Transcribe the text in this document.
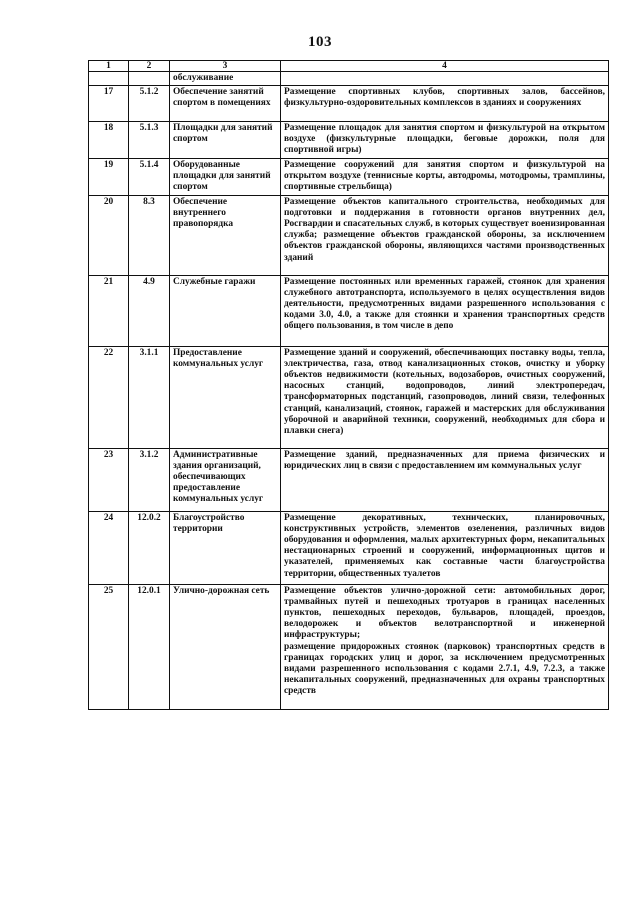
103
1	2	3	4
		обслуживание	
17	5.1.2	Обеспечение занятий спортом в помещениях	Размещение спортивных клубов, спортивных залов, бассейнов, физкультурно-оздоровительных комплексов в зданиях и сооружениях
18	5.1.3	Площадки для занятий спортом	Размещение площадок для занятия спортом и физкультурой на открытом воздухе (физкультурные площадки, беговые дорожки, поля для спортивной игры)
19	5.1.4	Оборудованные площадки для занятий спортом	Размещение сооружений для занятия спортом и физкультурой на открытом воздухе (теннисные корты, автодромы, мотодромы, трамплины, спортивные стрельбища)
20	8.3	Обеспечение внутреннего правопорядка	Размещение объектов капитального строительства, необходимых для подготовки и поддержания в готовности органов внутренних дел, Росгвардии и спасательных служб, в которых существует военизированная служба; размещение объектов гражданской обороны, за исключением объектов гражданской обороны, являющихся частями производственных зданий
21	4.9	Служебные гаражи	Размещение постоянных или временных гаражей, стоянок для хранения служебного автотранспорта, используемого в целях осуществления видов деятельности, предусмотренных видами разрешенного использования с кодами 3.0, 4.0, а также для стоянки и хранения транспортных средств общего пользования, в том числе в депо
22	3.1.1	Предоставление коммунальных услуг	Размещение зданий и сооружений, обеспечивающих поставку воды, тепла, электричества, газа, отвод канализационных стоков, очистку и уборку объектов недвижимости (котельных, водозаборов, очистных сооружений, насосных станций, водопроводов, линий электропередач, трансформаторных подстанций, газопроводов, линий связи, телефонных станций, канализаций, стоянок, гаражей и мастерских для обслуживания уборочной и аварийной техники, сооружений, необходимых для сбора и плавки снега)
23	3.1.2	Административные здания организаций, обеспечивающих предоставление коммунальных услуг	Размещение зданий, предназначенных для приема физических и юридических лиц в связи с предоставлением им коммунальных услуг
24	12.0.2	Благоустройство территории	Размещение декоративных, технических, планировочных, конструктивных устройств, элементов озеленения, различных видов оборудования и оформления, малых архитектурных форм, некапитальных нестационарных строений и сооружений, информационных щитов и указателей, применяемых как составные части благоустройства территории, общественных туалетов
25	12.0.1	Улично-дорожная сеть	Размещение объектов улично-дорожной сети: автомобильных дорог, трамвайных путей и пешеходных тротуаров в границах населенных пунктов, пешеходных переходов, бульваров, площадей, проездов, велодорожек и объектов велотранспортной и инженерной инфраструктуры;
размещение придорожных стоянок (парковок) транспортных средств в границах городских улиц и дорог, за исключением предусмотренных видами разрешенного использования с кодами 2.7.1, 4.9, 7.2.3, а также некапитальных сооружений, предназначенных для охраны транспортных средств
